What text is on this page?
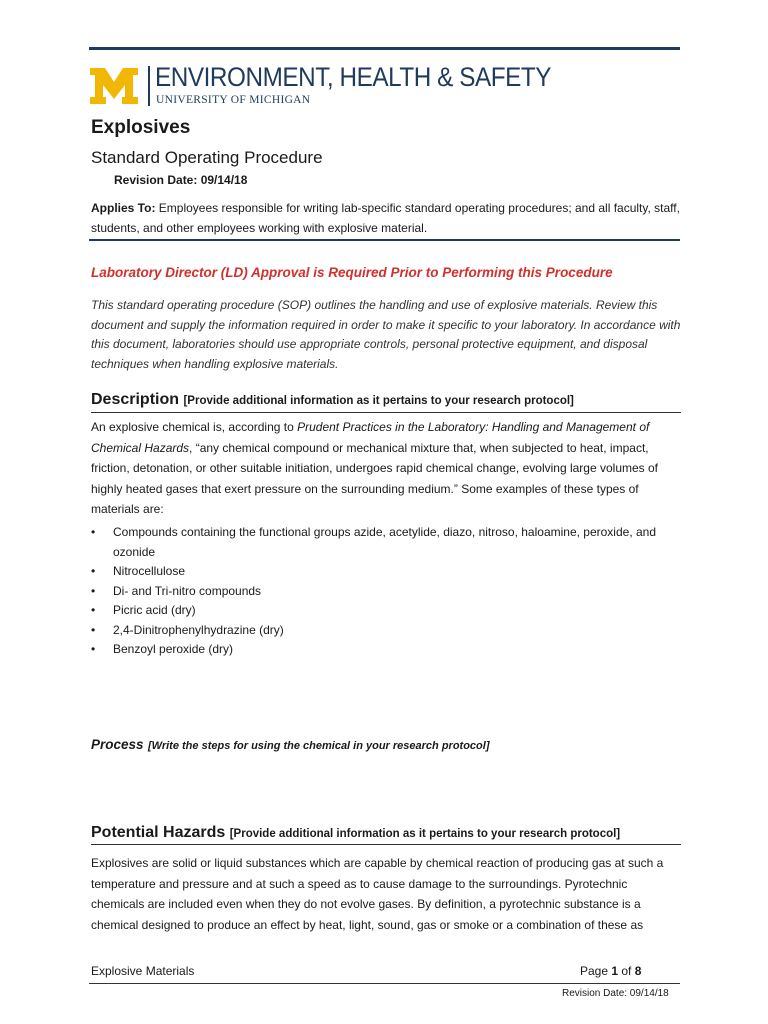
ENVIRONMENT, HEALTH & SAFETY
UNIVERSITY OF MICHIGAN
Explosives
Standard Operating Procedure
Revision Date: 09/14/18
Applies To: Employees responsible for writing lab-specific standard operating procedures; and all faculty, staff, students, and other employees working with explosive material.
Laboratory Director (LD) Approval is Required Prior to Performing this Procedure
This standard operating procedure (SOP) outlines the handling and use of explosive materials. Review this document and supply the information required in order to make it specific to your laboratory. In accordance with this document, laboratories should use appropriate controls, personal protective equipment, and disposal techniques when handling explosive materials.
Description [Provide additional information as it pertains to your research protocol]
An explosive chemical is, according to Prudent Practices in the Laboratory: Handling and Management of Chemical Hazards, “any chemical compound or mechanical mixture that, when subjected to heat, impact, friction, detonation, or other suitable initiation, undergoes rapid chemical change, evolving large volumes of highly heated gases that exert pressure on the surrounding medium.” Some examples of these types of materials are:
• Compounds containing the functional groups azide, acetylide, diazo, nitroso, haloamine, peroxide, and ozonide
• Nitrocellulose
• Di- and Tri-nitro compounds
• Picric acid (dry)
• 2,4-Dinitrophenylhydrazine (dry)
• Benzoyl peroxide (dry)
Process [Write the steps for using the chemical in your research protocol]
Potential Hazards [Provide additional information as it pertains to your research protocol]
Explosives are solid or liquid substances which are capable by chemical reaction of producing gas at such a temperature and pressure and at such a speed as to cause damage to the surroundings. Pyrotechnic chemicals are included even when they do not evolve gases. By definition, a pyrotechnic substance is a chemical designed to produce an effect by heat, light, sound, gas or smoke or a combination of these as
Explosive Materials	Page 1 of 8
Revision Date: 09/14/18
